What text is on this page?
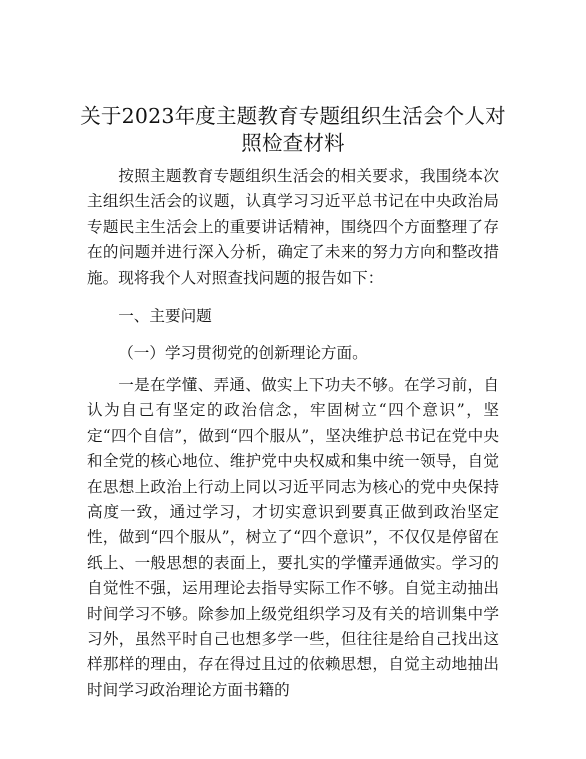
关于2023年度主题教育专题组织生活会个人对照检查材料
按照主题教育专题组织生活会的相关要求，我围绕本次主组织生活会的议题，认真学习习近平总书记在中央政治局专题民主生活会上的重要讲话精神，围绕四个方面整理了存在的问题并进行深入分析，确定了未来的努力方向和整改措施。现将我个人对照查找问题的报告如下：
一、主要问题
（一）学习贯彻党的创新理论方面。
一是在学懂、弄通、做实上下功夫不够。在学习前，自认为自己有坚定的政治信念，牢固树立“四个意识”，坚定“四个自信”，做到“四个服从”，坚决维护总书记在党中央和全党的核心地位、维护党中央权威和集中统一领导，自觉在思想上政治上行动上同以习近平同志为核心的党中央保持高度一致，通过学习，才切实意识到要真正做到政治坚定性，做到“四个服从”，树立了“四个意识”，不仅仅是停留在纸上、一般思想的表面上，要扎实的学懂弄通做实。学习的自觉性不强，运用理论去指导实际工作不够。自觉主动抽出时间学习不够。除参加上级党组织学习及有关的培训集中学习外，虽然平时自己也想多学一些，但往往是给自己找出这样那样的理由，存在得过且过的依赖思想，自觉主动地抽出时间学习政治理论方面书籍的
